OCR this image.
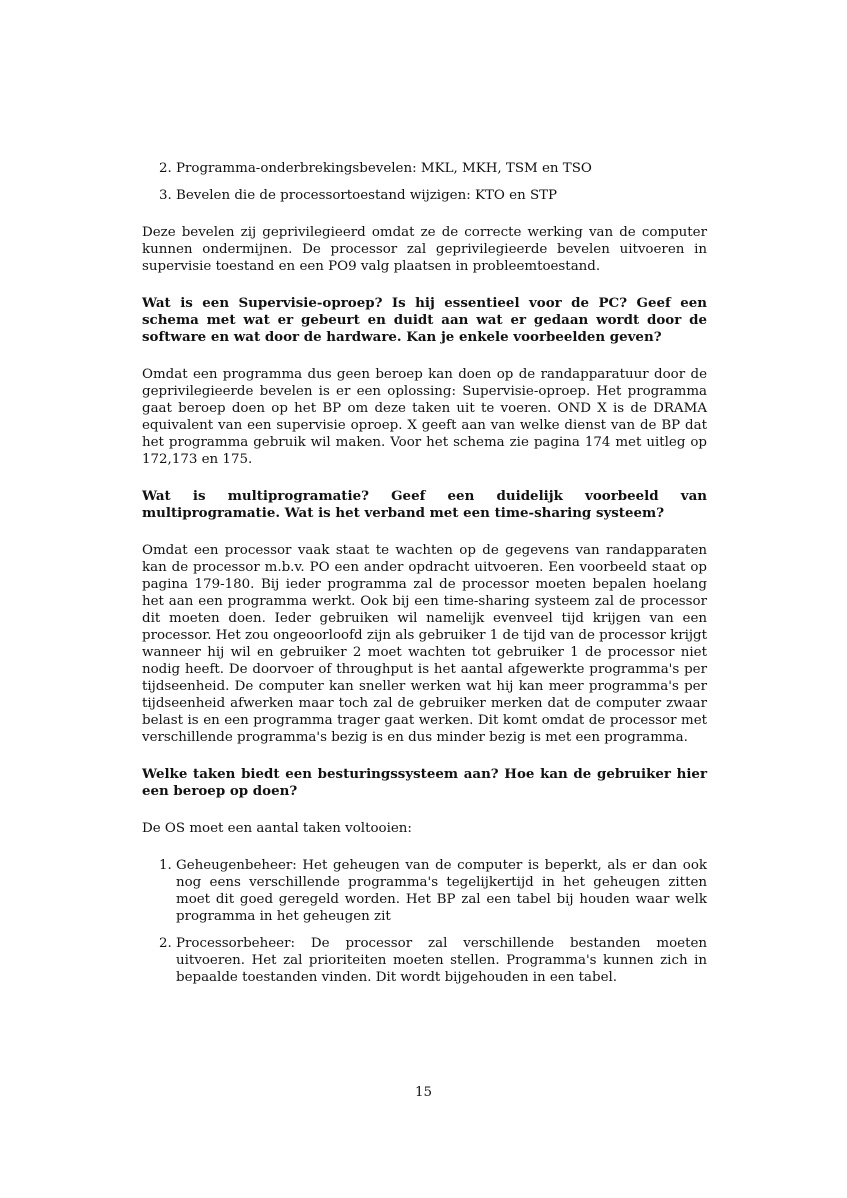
2. Programma-onderbrekingsbevelen: MKL, MKH, TSM en TSO
3. Bevelen die de processortoestand wijzigen: KTO en STP

Deze bevelen zij geprivilegieerd omdat ze de correcte werking van de computer kunnen ondermijnen. De processor zal geprivilegieerde bevelen uitvoeren in supervisie toestand en een PO9 valg plaatsen in probleemtoestand.

Wat is een Supervisie-oproep? Is hij essentieel voor de PC? Geef een schema met wat er gebeurt en duidt aan wat er gedaan wordt door de software en wat door de hardware. Kan je enkele voorbeelden geven?

Omdat een programma dus geen beroep kan doen op de randapparatuur door de geprivilegieerde bevelen is er een oplossing: Supervisie-oproep. Het programma gaat beroep doen op het BP om deze taken uit te voeren. OND X is de DRAMA equivalent van een supervisie oproep. X geeft aan van welke dienst van de BP dat het programma gebruik wil maken. Voor het schema zie pagina 174 met uitleg op 172,173 en 175.

Wat is multiprogramatie? Geef een duidelijk voorbeeld van multiprogramatie. Wat is het verband met een time-sharing systeem?

Omdat een processor vaak staat te wachten op de gegevens van randapparaten kan de processor m.b.v. PO een ander opdracht uitvoeren. Een voorbeeld staat op pagina 179-180. Bij ieder programma zal de processor moeten bepalen hoelang het aan een programma werkt. Ook bij een time-sharing systeem zal de processor dit moeten doen. Ieder gebruiken wil namelijk evenveel tijd krijgen van een processor. Het zou ongeoorloofd zijn als gebruiker 1 de tijd van de processor krijgt wanneer hij wil en gebruiker 2 moet wachten tot gebruiker 1 de processor niet nodig heeft. De doorvoer of throughput is het aantal afgewerkte programma's per tijdseenheid. De computer kan sneller werken wat hij kan meer programma's per tijdseenheid afwerken maar toch zal de gebruiker merken dat de computer zwaar belast is en een programma trager gaat werken. Dit komt omdat de processor met verschillende programma's bezig is en dus minder bezig is met een programma.

Welke taken biedt een besturingssysteem aan? Hoe kan de gebruiker hier een beroep op doen?

De OS moet een aantal taken voltooien:

1. Geheugenbeheer: Het geheugen van de computer is beperkt, als er dan ook nog eens verschillende programma's tegelijkertijd in het geheugen zitten moet dit goed geregeld worden. Het BP zal een tabel bij houden waar welk programma in het geheugen zit
2. Processorbeheer: De processor zal verschillende bestanden moeten uitvoeren. Het zal prioriteiten moeten stellen. Programma's kunnen zich in bepaalde toestanden vinden. Dit wordt bijgehouden in een tabel.
15
